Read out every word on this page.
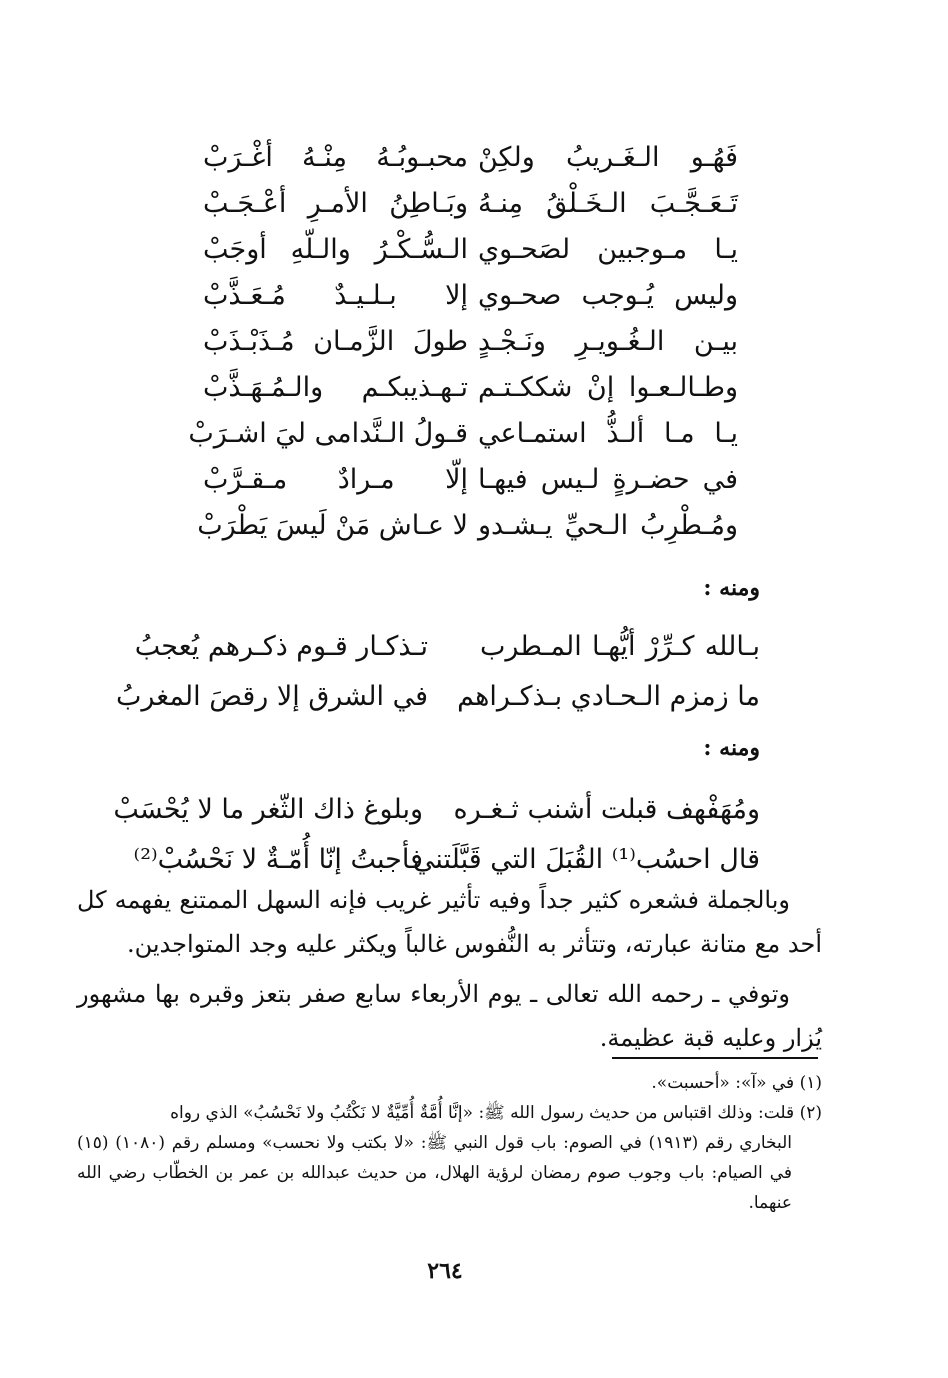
فَهُـو الـغَـريبُ ولكِنْ
محبـوبُـهُ مِنْـهُ أغْـرَبْ
تَـعَـجَّـبَ الـخَـلْقُ مِنـهُ
وبَـاطِنُ الأمـرِ أعْـجَـبْ
يـا مـوجبين لصَحـوي
الـسُّـكْـرُ والـلّهِ أوجَبْ
وليس يُـوجب صحـوي
إلا بـلـيـدٌ مُـعَـذَّبْ
بيـن الـغُـويـرِ ونَـجْـدٍ
طولَ الزَّمـان مُـذَبْـذَبْ
وطـالـعـوا إنْ شككـتـم
تـهـذيبكـم والـمُـهَـذَّبْ
يـا مـا ألـذُّ استمـاعي
قـولُ الـنَّدامى ليَ اشـرَبْ
في حضـرةٍ لـيس فيهـا
إلّا مـرادٌ مـقـرَّبْ
ومُـطْرِبُ الـحيِّ يـشـدو
لا عـاش مَنْ لَيسَ يَطْرَبْ
ومنه :
بـالله كـرِّرْ أيُّهـا المـطرب
تـذكـار قـوم ذكـرهم يُعجبُ
ما زمزم الـحـادي بـذكـراهم
في الشرق إلا رقصَ المغربُ
ومنه :
ومُهَفْهف قبلت أشنب ثـغـره
وبلوغ ذاك الثّغر ما لا يُحْسَبْ
قال احسُب⁽¹⁾ القُبَلَ التي قَبَّلَتني
فأجبتُ إنّا أُمّـةٌ لا نَحْسُبْ⁽²⁾

وبالجملة فشعره كثير جداً وفيه تأثير غريب فإنه السهل الممتنع يفهمه كل أحد مع متانة عبارته، وتتأثر به النُّفوس غالباً ويكثر عليه وجد المتواجدين.

وتوفي ـ رحمه الله تعالى ـ يوم الأربعاء سابع صفر بتعز وقبره بها مشهور يُزار وعليه قبة عظيمة.

(١) في «آ»: «أحسبت».

(٢) قلت: وذلك اقتباس من حديث رسول الله ﷺ: «إنَّا أُمَّةٌ أُمِّيَّةٌ لا نَكْتُبُ ولا نَحْسُبُ» الذي رواه

البخاري رقم (١٩١٣) في الصوم: باب قول النبي ﷺ: «لا بكتب ولا نحسب» ومسلم رقم (١٠٨٠) (١٥) في الصيام: باب وجوب صوم رمضان لرؤية الهلال، من حديث عبدالله بن عمر بن الخطّاب رضي الله عنهما.

٢٦٤
